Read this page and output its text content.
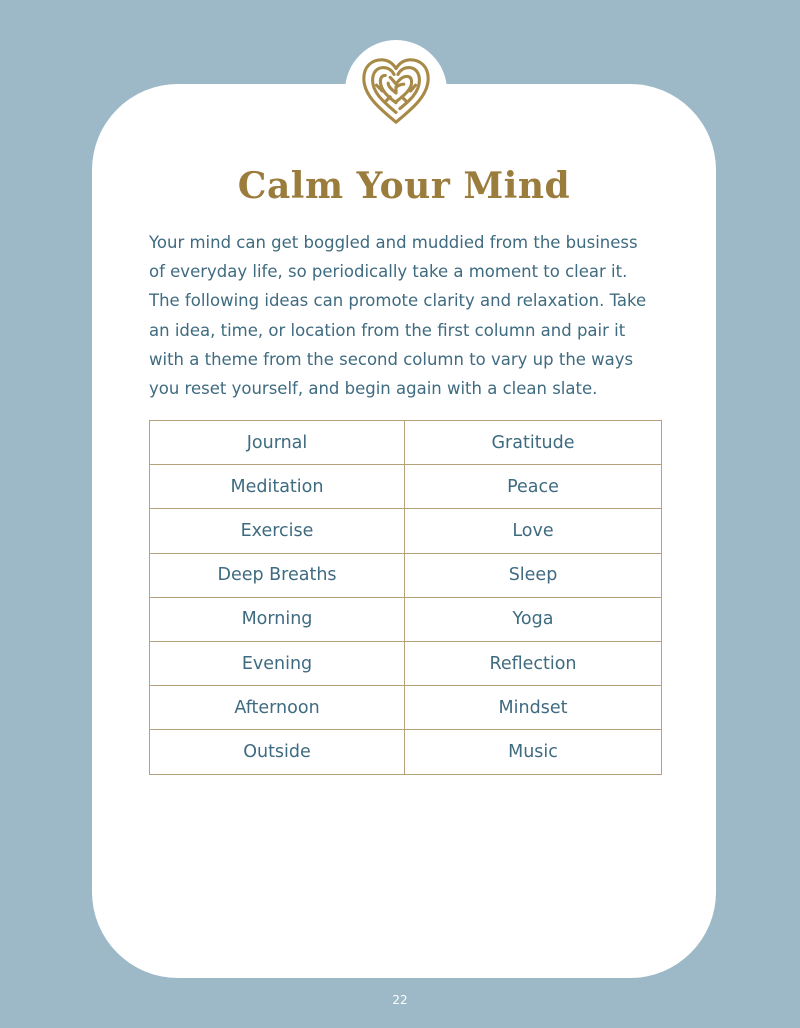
Calm Your Mind

Your mind can get boggled and muddied from the business
of everyday life, so periodically take a moment to clear it.
The following ideas can promote clarity and relaxation. Take
an idea, time, or location from the first column and pair it
with a theme from the second column to vary up the ways
you reset yourself, and begin again with a clean slate.

Journal	Gratitude
Meditation	Peace
Exercise	Love
Deep Breaths	Sleep
Morning	Yoga
Evening	Reflection
Afternoon	Mindset
Outside	Music
22
